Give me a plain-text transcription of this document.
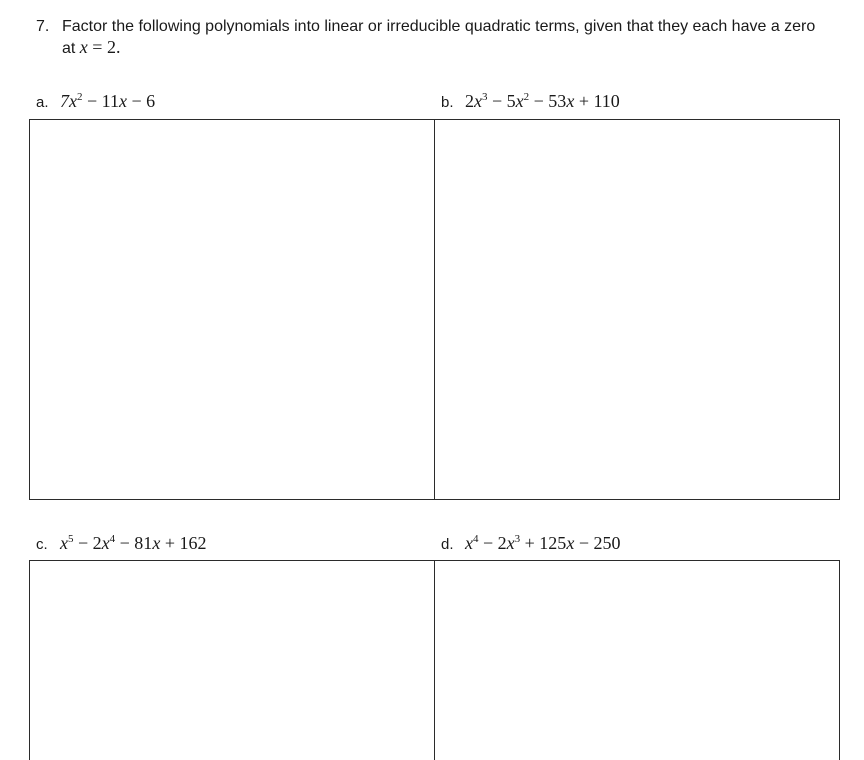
7. Factor the following polynomials into linear or irreducible quadratic terms, given that they each have a zero at x = 2.
a. $7x^2 - 11x - 6$	b. $2x^3 - 5x^2 - 53x + 110$
c. $x^5 - 2x^4 - 81x + 162$	d. $x^4 - 2x^3 + 125x - 250$
